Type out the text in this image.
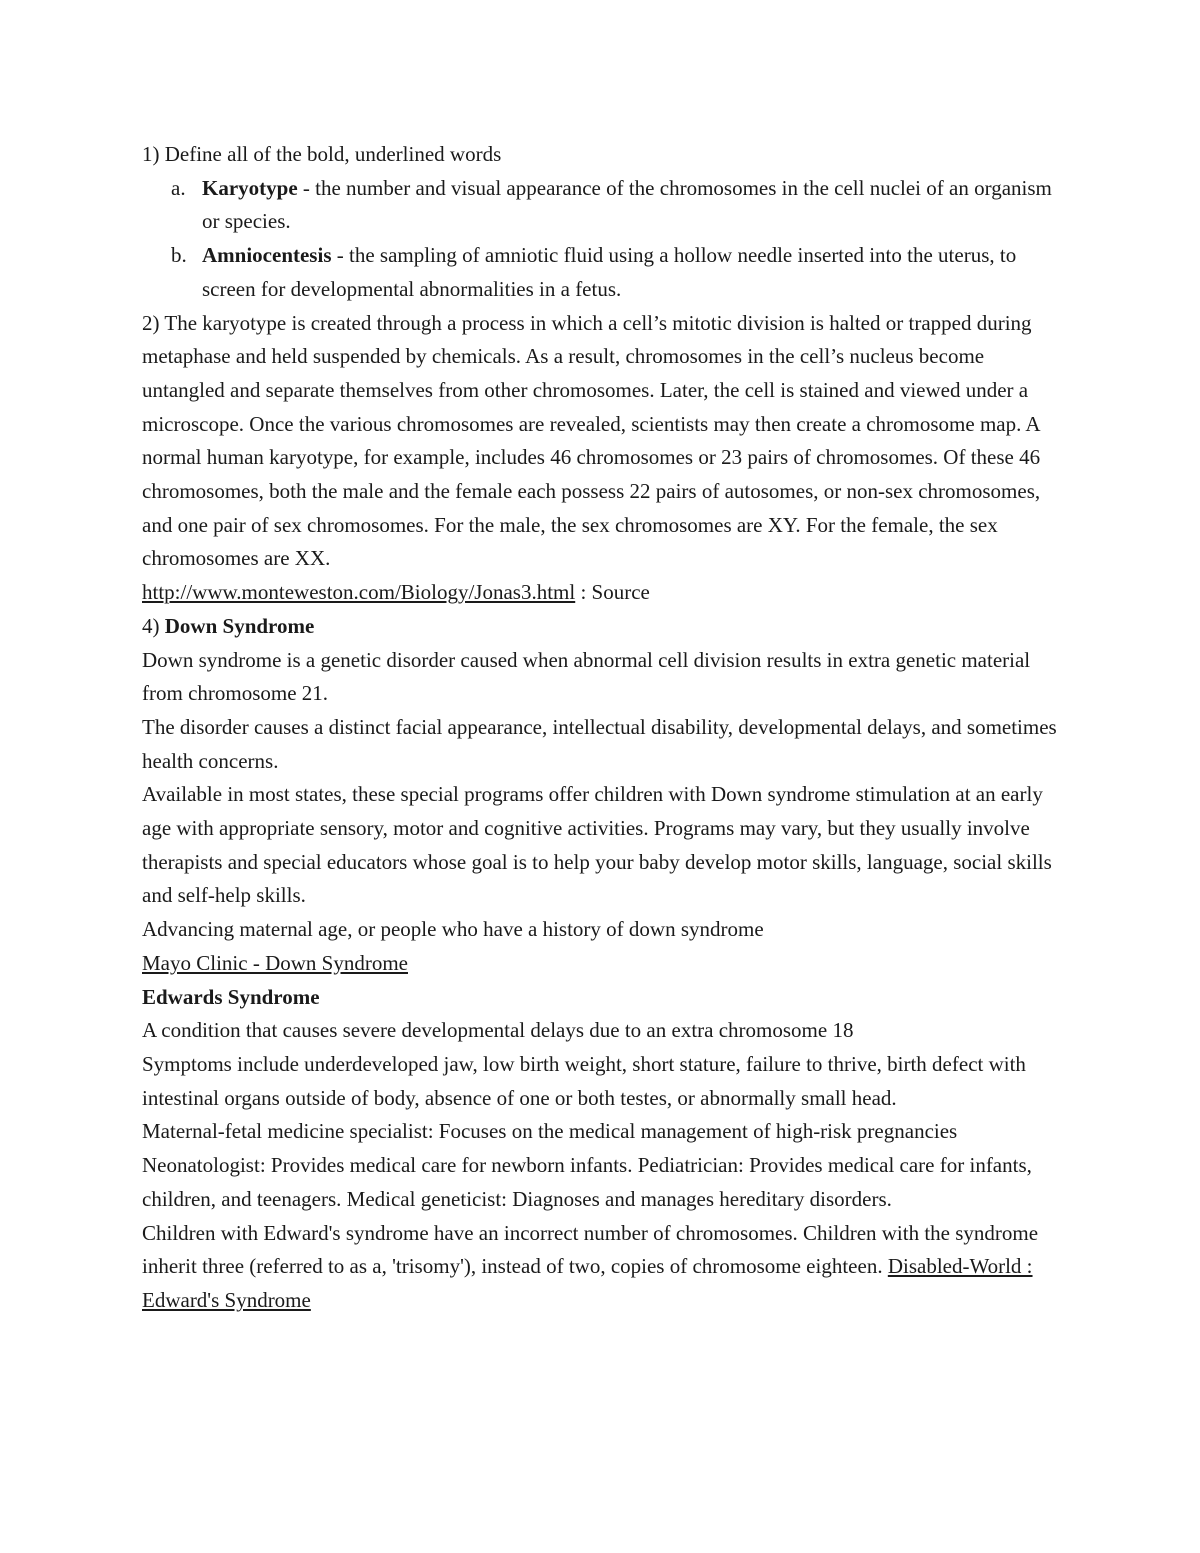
1) Define all of the bold, underlined words
a. Karyotype - the number and visual appearance of the chromosomes in the cell nuclei of an organism or species.
b. Amniocentesis - the sampling of amniotic fluid using a hollow needle inserted into the uterus, to screen for developmental abnormalities in a fetus.
2) The karyotype is created through a process in which a cell’s mitotic division is halted or trapped during metaphase and held suspended by chemicals. As a result, chromosomes in the cell’s nucleus become untangled and separate themselves from other chromosomes. Later, the cell is stained and viewed under a microscope. Once the various chromosomes are revealed, scientists may then create a chromosome map. A normal human karyotype, for example, includes 46 chromosomes or 23 pairs of chromosomes. Of these 46 chromosomes, both the male and the female each possess 22 pairs of autosomes, or non-sex chromosomes, and one pair of sex chromosomes. For the male, the sex chromosomes are XY. For the female, the sex chromosomes are XX.
http://www.monteweston.com/Biology/Jonas3.html : Source
4) Down Syndrome
Down syndrome is a genetic disorder caused when abnormal cell division results in extra genetic material from chromosome 21.
The disorder causes a distinct facial appearance, intellectual disability, developmental delays, and sometimes health concerns.
Available in most states, these special programs offer children with Down syndrome stimulation at an early age with appropriate sensory, motor and cognitive activities. Programs may vary, but they usually involve therapists and special educators whose goal is to help your baby develop motor skills, language, social skills and self-help skills.
Advancing maternal age, or people who have a history of down syndrome
Mayo Clinic - Down Syndrome
Edwards Syndrome
A condition that causes severe developmental delays due to an extra chromosome 18
Symptoms include underdeveloped jaw, low birth weight, short stature, failure to thrive, birth defect with intestinal organs outside of body, absence of one or both testes, or abnormally small head.
Maternal-fetal medicine specialist: Focuses on the medical management of high-risk pregnancies
Neonatologist: Provides medical care for newborn infants. Pediatrician: Provides medical care for infants, children, and teenagers. Medical geneticist: Diagnoses and manages hereditary disorders.
Children with Edward's syndrome have an incorrect number of chromosomes. Children with the syndrome inherit three (referred to as a, 'trisomy'), instead of two, copies of chromosome eighteen. Disabled-World : Edward's Syndrome
